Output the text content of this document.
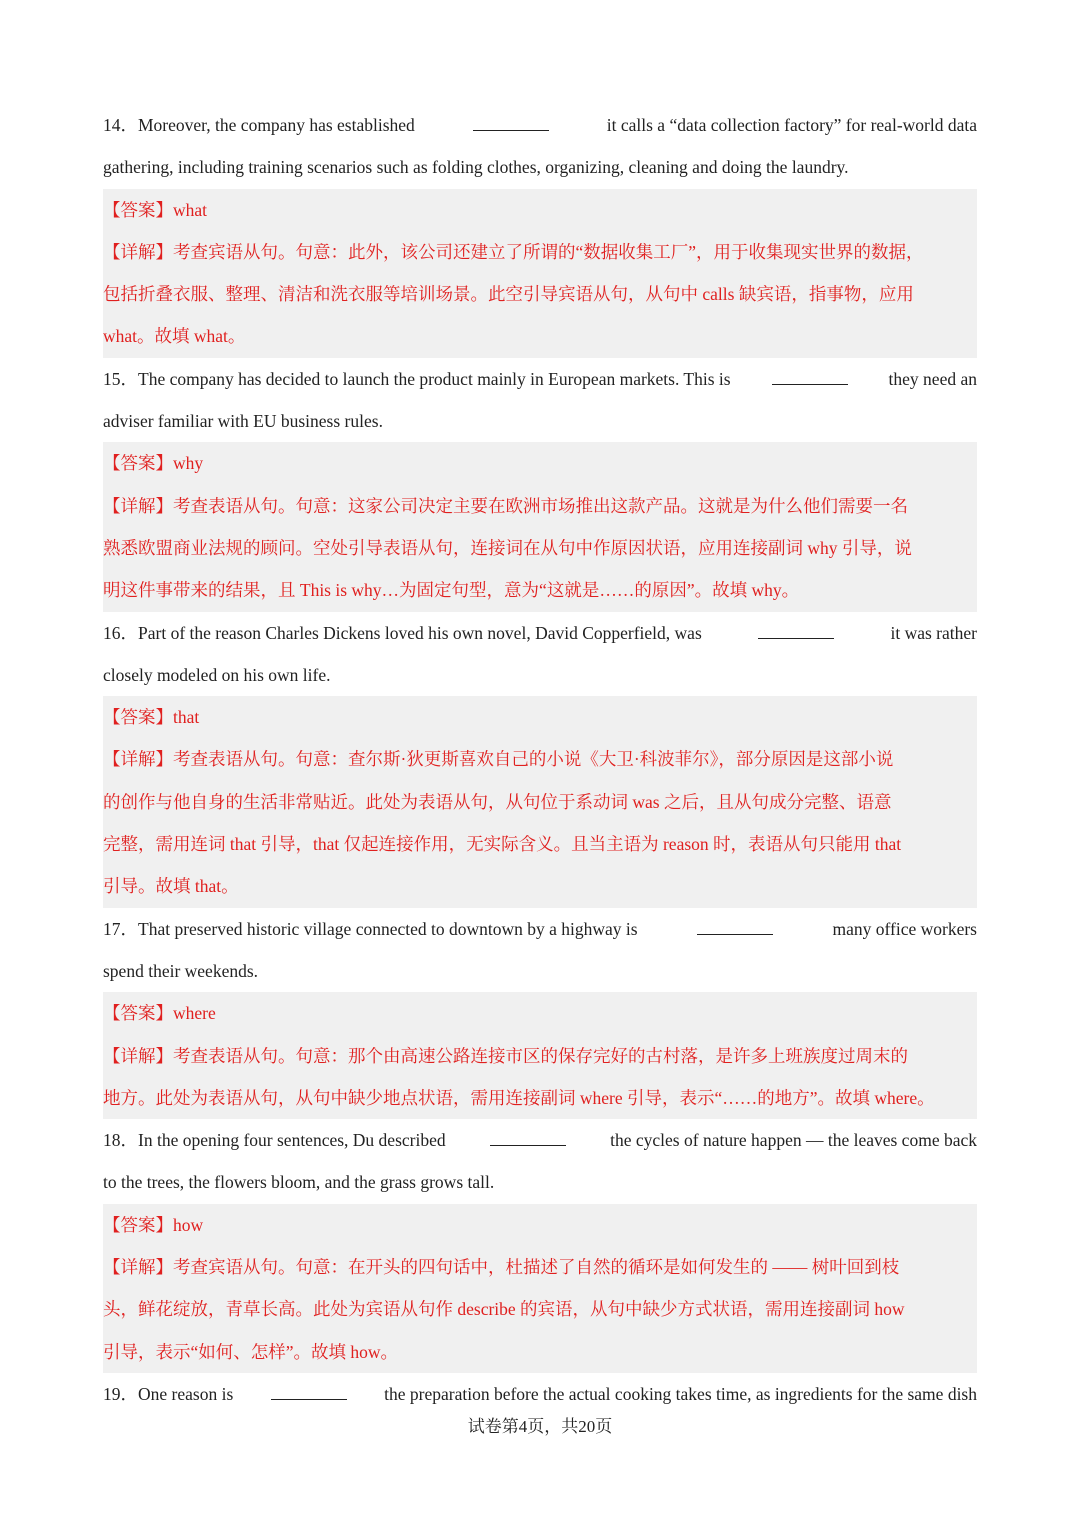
14．Moreover, the company has established	it calls a “data collection factory” for real-world data
gathering, including training scenarios such as folding clothes, organizing, cleaning and doing the laundry.
【答案】what
【详解】考查宾语从句。句意：此外，该公司还建立了所谓的“数据收集工厂”，用于收集现实世界的数据，
包括折叠衣服、整理、清洁和洗衣服等培训场景。此空引导宾语从句，从句中 calls 缺宾语，指事物，应用
what。故填 what。
15．The company has decided to launch the product mainly in European markets. This is	they need an
adviser familiar with EU business rules.
【答案】why
【详解】考查表语从句。句意：这家公司决定主要在欧洲市场推出这款产品。这就是为什么他们需要一名
熟悉欧盟商业法规的顾问。空处引导表语从句，连接词在从句中作原因状语，应用连接副词 why 引导，说
明这件事带来的结果，且 This is why…为固定句型，意为“这就是……的原因”。故填 why。
16．Part of the reason Charles Dickens loved his own novel, David Copperfield, was	it was rather
closely modeled on his own life.
【答案】that
【详解】考查表语从句。句意：查尔斯·狄更斯喜欢自己的小说《大卫·科波菲尔》，部分原因是这部小说
的创作与他自身的生活非常贴近。此处为表语从句，从句位于系动词 was 之后，且从句成分完整、语意
完整，需用连词 that 引导，that 仅起连接作用，无实际含义。且当主语为 reason 时，表语从句只能用 that
引导。故填 that。
17．That preserved historic village connected to downtown by a highway is	many office workers
spend their weekends.
【答案】where
【详解】考查表语从句。句意：那个由高速公路连接市区的保存完好的古村落，是许多上班族度过周末的
地方。此处为表语从句，从句中缺少地点状语，需用连接副词 where 引导，表示“……的地方”。故填 where。
18．In the opening four sentences, Du described	the cycles of nature happen — the leaves come back
to the trees, the flowers bloom, and the grass grows tall.
【答案】how
【详解】考查宾语从句。句意：在开头的四句话中，杜描述了自然的循环是如何发生的 —— 树叶回到枝
头，鲜花绽放，青草长高。此处为宾语从句作 describe 的宾语，从句中缺少方式状语，需用连接副词 how
引导，表示“如何、怎样”。故填 how。
19．One reason is	the preparation before the actual cooking takes time, as ingredients for the same dish
试卷第4页，共20页
